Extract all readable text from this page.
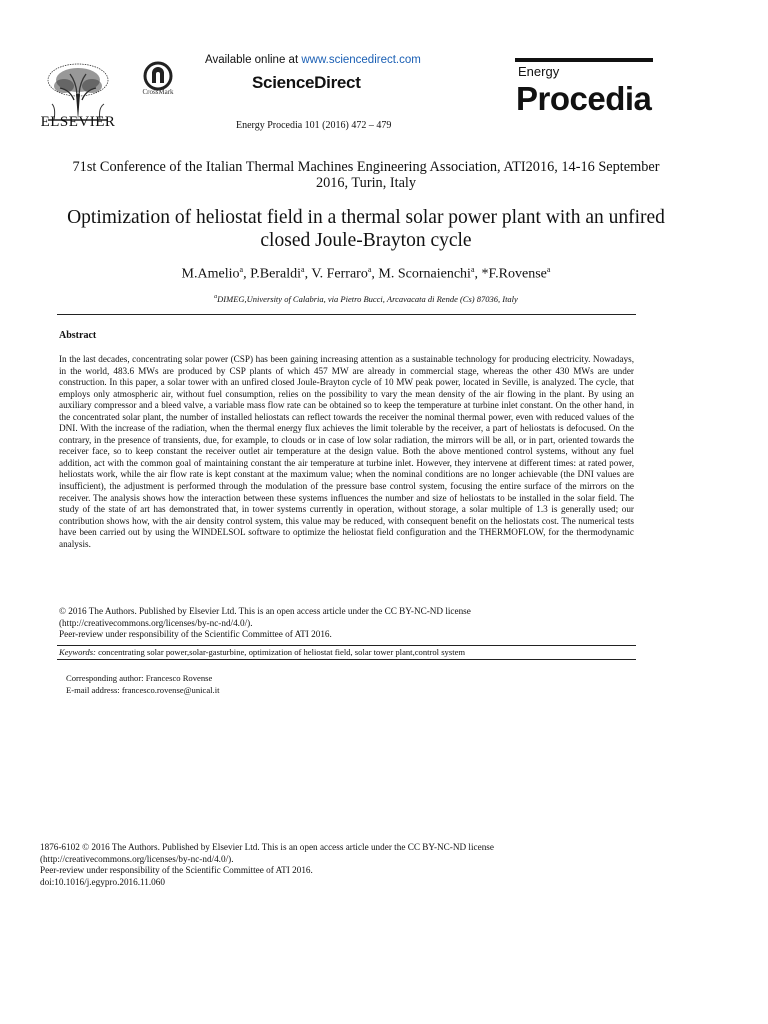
ELSEVIER
CrossMark
Available online at www.sciencedirect.com
ScienceDirect
Energy Procedia 101 (2016) 472 – 479
Energy
Procedia
71st Conference of the Italian Thermal Machines Engineering Association, ATI2016, 14-16 September 2016, Turin, Italy
Optimization of heliostat field in a thermal solar power plant with an unfired closed Joule-Brayton cycle
M.Amelio$^a$, P.Beraldi$^a$, V. Ferraro$^a$, M. Scornaienchi$^a$, *F.Rovense$^a$
$^a$DIMEG,University of Calabria, via Pietro Bucci, Arcavacata di Rende (Cs) 87036, Italy
Abstract
In the last decades, concentrating solar power (CSP) has been gaining increasing attention as a sustainable technology for producing electricity. Nowadays, in the world, 483.6 MWs are produced by CSP plants of which 457 MW are already in commercial stage, whereas the other 430 MWs are under construction. In this paper, a solar tower with an unfired closed Joule-Brayton cycle of 10 MW peak power, located in Seville, is analyzed. The cycle, that employs only atmospheric air, without fuel consumption, relies on the possibility to vary the mean density of the air flowing in the plant. By using an auxiliary compressor and a bleed valve, a variable mass flow rate can be obtained so to keep the temperature at turbine inlet constant. On the other hand, in the concentrated solar plant, the number of installed heliostats can reflect towards the receiver the nominal thermal power, even with reduced values of the DNI. With the increase of the radiation, when the thermal energy flux achieves the limit tolerable by the receiver, a part of heliostats is defocused. On the contrary, in the presence of transients, due, for example, to clouds or in case of low solar radiation, the mirrors will be all, or in part, oriented towards the receiver face, so to keep constant the receiver outlet air temperature at the design value. Both the above mentioned control systems, without any fuel addition, act with the common goal of maintaining constant the air temperature at turbine inlet. However, they intervene at different times: at rated power, heliostats work, while the air flow rate is kept constant at the maximum value; when the nominal conditions are no longer achievable (the DNI values are insufficient), the adjustment is performed through the modulation of the pressure base control system, focusing the entire surface of the mirrors on the receiver. The analysis shows how the interaction between these systems influences the number and size of heliostats to be installed in the solar field. The study of the state of art has demonstrated that, in tower systems currently in operation, without storage, a solar multiple of 1.3 is generally used; our contribution shows how, with the air density control system, this value may be reduced, with consequent benefit on the heliostats cost. The numerical tests have been carried out by using the WINDELSOL software to optimize the heliostat field configuration and the THERMOFLOW, for the thermodynamic analysis.
© 2016 The Authors. Published by Elsevier Ltd. This is an open access article under the CC BY-NC-ND license
(http://creativecommons.org/licenses/by-nc-nd/4.0/).
Peer-review under responsibility of the Scientific Committee of ATI 2016.
Keywords: concentrating solar power,solar-gasturbine, optimization of heliostat field, solar tower plant,control system
Corresponding author: Francesco Rovense
E-mail address: francesco.rovense@unical.it
1876-6102 © 2016 The Authors. Published by Elsevier Ltd. This is an open access article under the CC BY-NC-ND license
(http://creativecommons.org/licenses/by-nc-nd/4.0/).
Peer-review under responsibility of the Scientific Committee of ATI 2016.
doi:10.1016/j.egypro.2016.11.060
